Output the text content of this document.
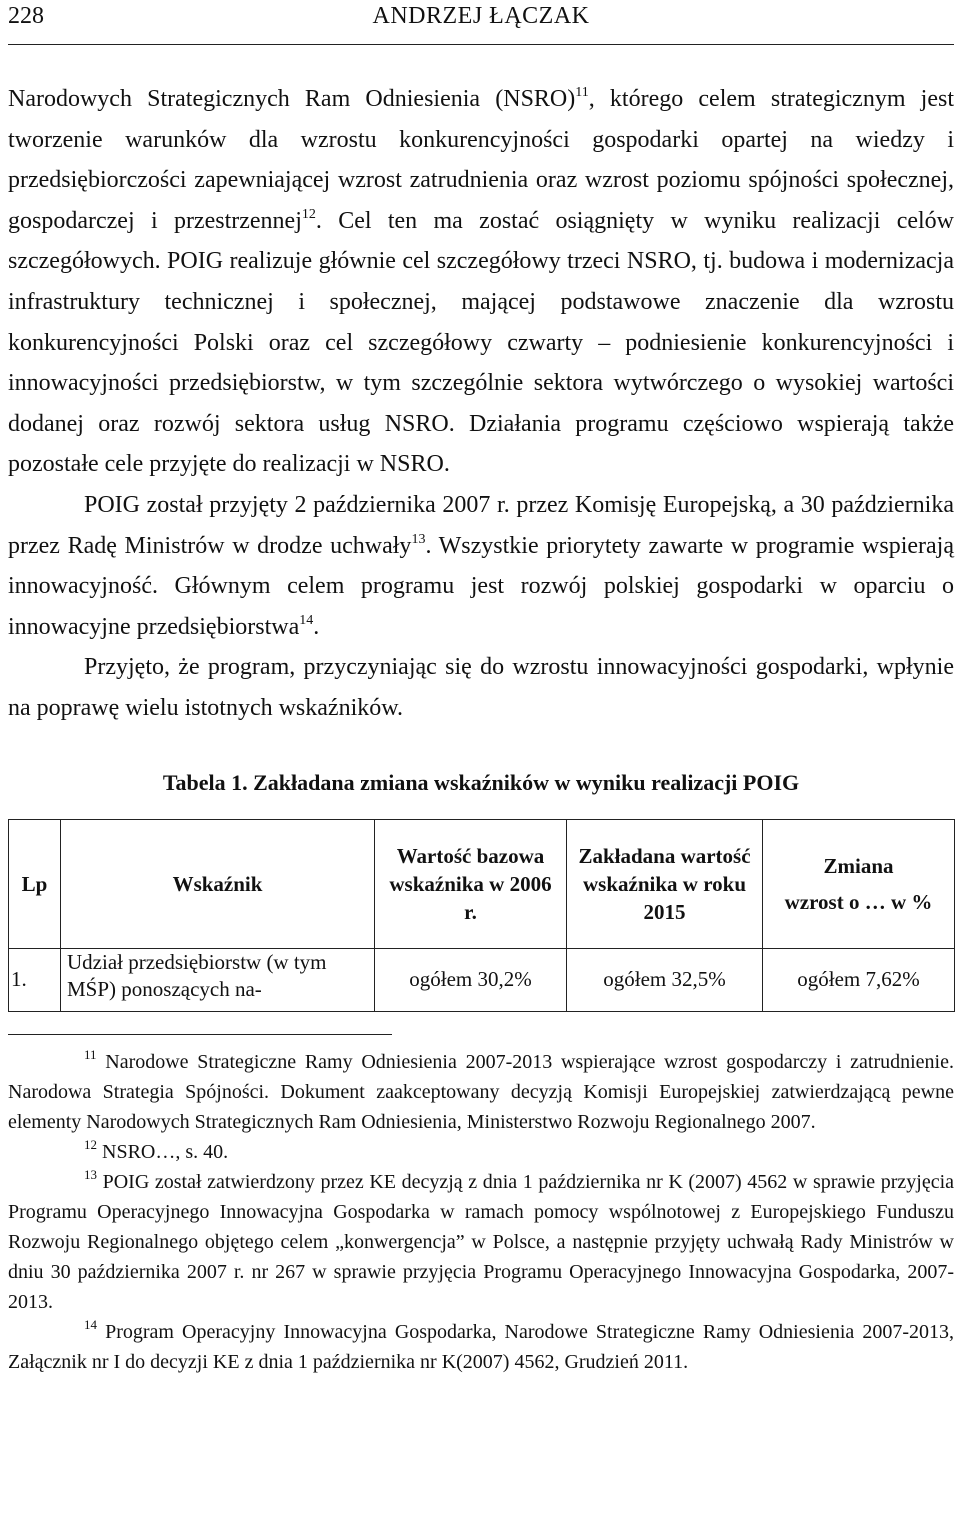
228	ANDRZEJ ŁĄCZAK

Narodowych Strategicznych Ram Odniesienia (NSRO)$^{11}$, którego celem strategicznym jest tworzenie warunków dla wzrostu konkurencyjności gospodarki opartej na wiedzy i przedsiębiorczości zapewniającej wzrost zatrudnienia oraz wzrost poziomu spójności społecznej, gospodarczej i przestrzennej$^{12}$. Cel ten ma zostać osiągnięty w wyniku realizacji celów szczegółowych. POIG realizuje głównie cel szczegółowy trzeci NSRO, tj. budowa i modernizacja infrastruktury technicznej i społecznej, mającej podstawowe znaczenie dla wzrostu konkurencyjności Polski oraz cel szczegółowy czwarty – podniesienie konkurencyjności i innowacyjności przedsiębiorstw, w tym szczególnie sektora wytwórczego o wysokiej wartości dodanej oraz rozwój sektora usług NSRO. Działania programu częściowo wspierają także pozostałe cele przyjęte do realizacji w NSRO.

POIG został przyjęty 2 października 2007 r. przez Komisję Europejską, a 30 października przez Radę Ministrów w drodze uchwały$^{13}$. Wszystkie priorytety zawarte w programie wspierają innowacyjność. Głównym celem programu jest rozwój polskiej gospodarki w oparciu o innowacyjne przedsiębiorstwa$^{14}$.

Przyjęto, że program, przyczyniając się do wzrostu innowacyjności gospodarki, wpłynie na poprawę wielu istotnych wskaźników.

Tabela 1. Zakładana zmiana wskaźników w wyniku realizacji POIG
Lp	Wskaźnik	Wartość bazowa wskaźnika w 2006 r.	Zakładana wartość wskaźnika w roku 2015	Zmiana
wzrost o … w %

1.	Udział przedsiębiorstw (w tym MŚP) ponoszących na-	ogółem 30,2%	ogółem 32,5%	ogółem 7,62%

$^{11}$ Narodowe Strategiczne Ramy Odniesienia 2007-2013 wspierające wzrost gospodarczy i zatrudnienie. Narodowa Strategia Spójności. Dokument zaakceptowany decyzją Komisji Europejskiej zatwierdzającą pewne elementy Narodowych Strategicznych Ram Odniesienia, Ministerstwo Rozwoju Regionalnego 2007.

$^{12}$ NSRO…, s. 40.

$^{13}$ POIG został zatwierdzony przez KE decyzją z dnia 1 października nr K (2007) 4562 w sprawie przyjęcia Programu Operacyjnego Innowacyjna Gospodarka w ramach pomocy wspólnotowej z Europejskiego Funduszu Rozwoju Regionalnego objętego celem „konwergencja” w Polsce, a następnie przyjęty uchwałą Rady Ministrów w dniu 30 października 2007 r. nr 267 w sprawie przyjęcia Programu Operacyjnego Innowacyjna Gospodarka, 2007-2013.

$^{14}$ Program Operacyjny Innowacyjna Gospodarka, Narodowe Strategiczne Ramy Odniesienia 2007-2013, Załącznik nr I do decyzji KE z dnia 1 października nr K(2007) 4562, Grudzień 2011.
